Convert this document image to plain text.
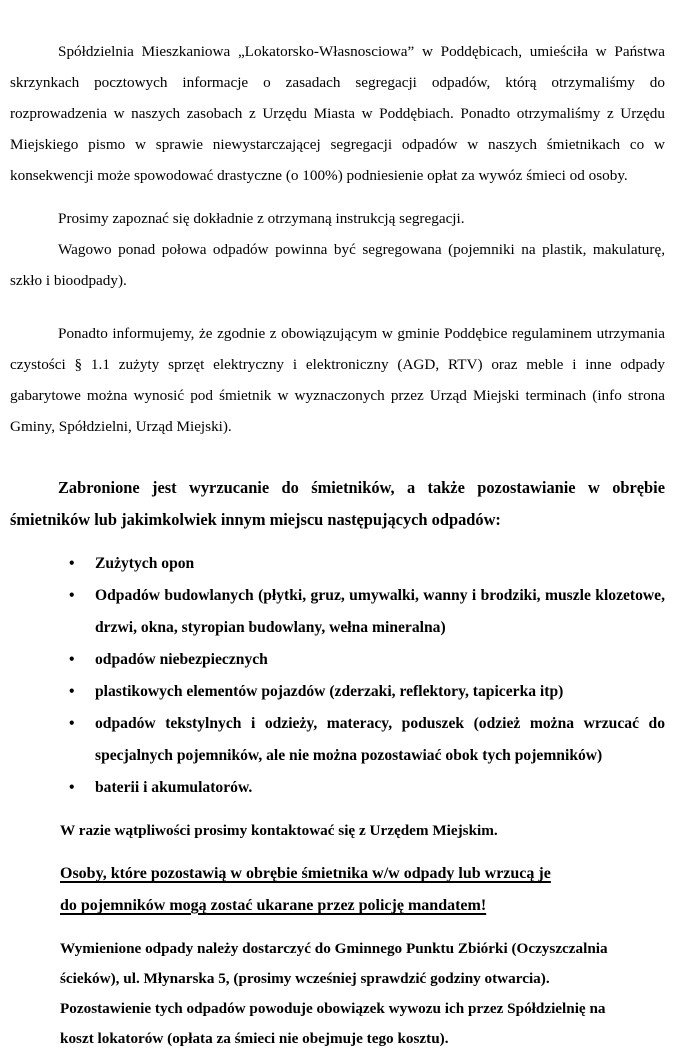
Spółdzielnia Mieszkaniowa „Lokatorsko-Własnosciowa” w Poddębicach, umieściła w Państwa skrzynkach pocztowych informacje o zasadach segregacji odpadów, którą otrzymaliśmy do rozprowadzenia w naszych zasobach z Urzędu Miasta w Poddębiach. Ponadto otrzymaliśmy z Urzędu Miejskiego pismo w sprawie niewystarczającej segregacji odpadów w naszych śmietnikach co w konsekwencji może spowodować drastyczne (o 100%) podniesienie opłat za wywóz śmieci od osoby.

Prosimy zapoznać się dokładnie z otrzymaną instrukcją segregacji.

Wagowo ponad połowa odpadów powinna być segregowana (pojemniki na plastik, makulaturę, szkło i bioodpady).

Ponadto informujemy, że zgodnie z obowiązującym w gminie Poddębice regulaminem utrzymania czystości § 1.1 zużyty sprzęt elektryczny i elektroniczny (AGD, RTV) oraz meble i inne odpady gabarytowe można wynosić pod śmietnik w wyznaczonych przez Urząd Miejski terminach (info strona Gminy, Spółdzielni, Urząd Miejski).

Zabronione jest wyrzucanie do śmietników, a także pozostawianie w obrębie śmietników lub jakimkolwiek innym miejscu następujących odpadów:

• Zużytych opon
• Odpadów budowlanych (płytki, gruz, umywalki, wanny i brodziki, muszle klozetowe, drzwi, okna, styropian budowlany, wełna mineralna)
• odpadów niebezpiecznych
• plastikowych elementów pojazdów (zderzaki, reflektory, tapicerka itp)
• odpadów tekstylnych i odzieży, materacy, poduszek (odzież można wrzucać do specjalnych pojemników, ale nie można pozostawiać obok tych pojemników)
• baterii i akumulatorów.

W razie wątpliwości prosimy kontaktować się z Urzędem Miejskim.

Osoby, które pozostawią w obrębie śmietnika w/w odpady lub wrzucą je
do pojemników mogą zostać ukarane przez policję mandatem!

Wymienione odpady należy dostarczyć do Gminnego Punktu Zbiórki (Oczyszczalnia
ścieków), ul. Młynarska 5, (prosimy wcześniej sprawdzić godziny otwarcia).

Pozostawienie tych odpadów powoduje obowiązek wywozu ich przez Spółdzielnię na
koszt lokatorów (opłata za śmieci nie obejmuje tego kosztu).
